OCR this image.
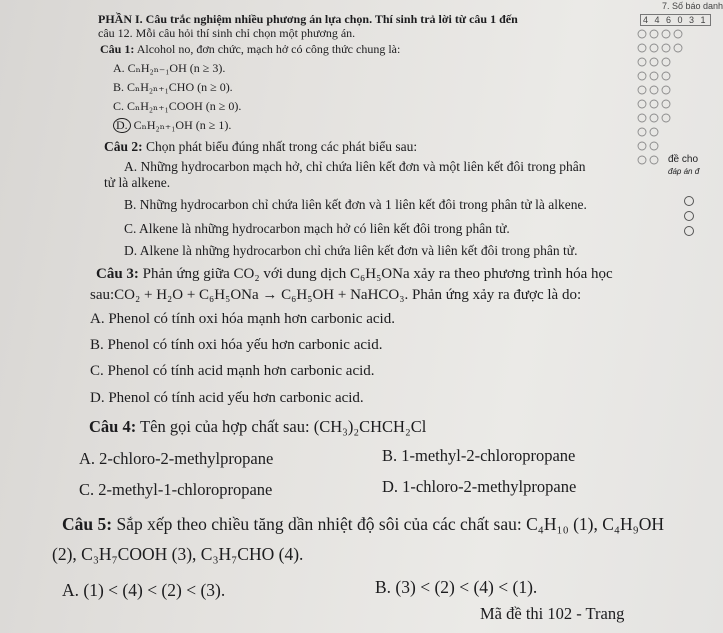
7. Số báo danh
4 4 6 0 3 1
đề cho
đáp án đ
PHẦN I. Câu trắc nghiệm nhiều phương án lựa chọn. Thí sinh trả lời từ câu 1 đến
câu 12. Mỗi câu hỏi thí sinh chỉ chọn một phương án.
Câu 1: Alcohol no, đơn chức, mạch hở có công thức chung là:
A. CₙH₂ₙ₋₁OH (n ≥ 3).
B. CₙH₂ₙ₊₁CHO (n ≥ 0).
C. CₙH₂ₙ₊₁COOH (n ≥ 0).
D. CₙH₂ₙ₊₁OH (n ≥ 1).
Câu 2: Chọn phát biểu đúng nhất trong các phát biểu sau:
A. Những hydrocarbon mạch hở, chỉ chứa liên kết đơn và một liên kết đôi trong phân
tử là alkene.
B. Những hydrocarbon chỉ chứa liên kết đơn và 1 liên kết đôi trong phân tử là alkene.
C. Alkene là những hydrocarbon mạch hở có liên kết đôi trong phân tử.
D. Alkene là những hydrocarbon chỉ chứa liên kết đơn và liên kết đôi trong phân tử.
Câu 3: Phản ứng giữa CO₂ với dung dịch C₆H₅ONa xảy ra theo phương trình hóa học
sau:CO₂ + H₂O + C₆H₅ONa → C₆H₅OH + NaHCO₃. Phản ứng xảy ra được là do:
A. Phenol có tính oxi hóa mạnh hơn carbonic acid.
B. Phenol có tính oxi hóa yếu hơn carbonic acid.
C. Phenol có tính acid mạnh hơn carbonic acid.
D. Phenol có tính acid yếu hơn carbonic acid.
Câu 4: Tên gọi của hợp chất sau: (CH₃)₂CHCH₂Cl
A. 2-chloro-2-methylpropane	B. 1-methyl-2-chloropropane
C. 2-methyl-1-chloropropane	D. 1-chloro-2-methylpropane
Câu 5: Sắp xếp theo chiều tăng dần nhiệt độ sôi của các chất sau: C₄H₁₀ (1), C₄H₉OH
(2), C₃H₇COOH (3), C₃H₇CHO (4).
A. (1) < (4) < (2) < (3).	B. (3) < (2) < (4) < (1).
Mã đề thi 102 - Trang
